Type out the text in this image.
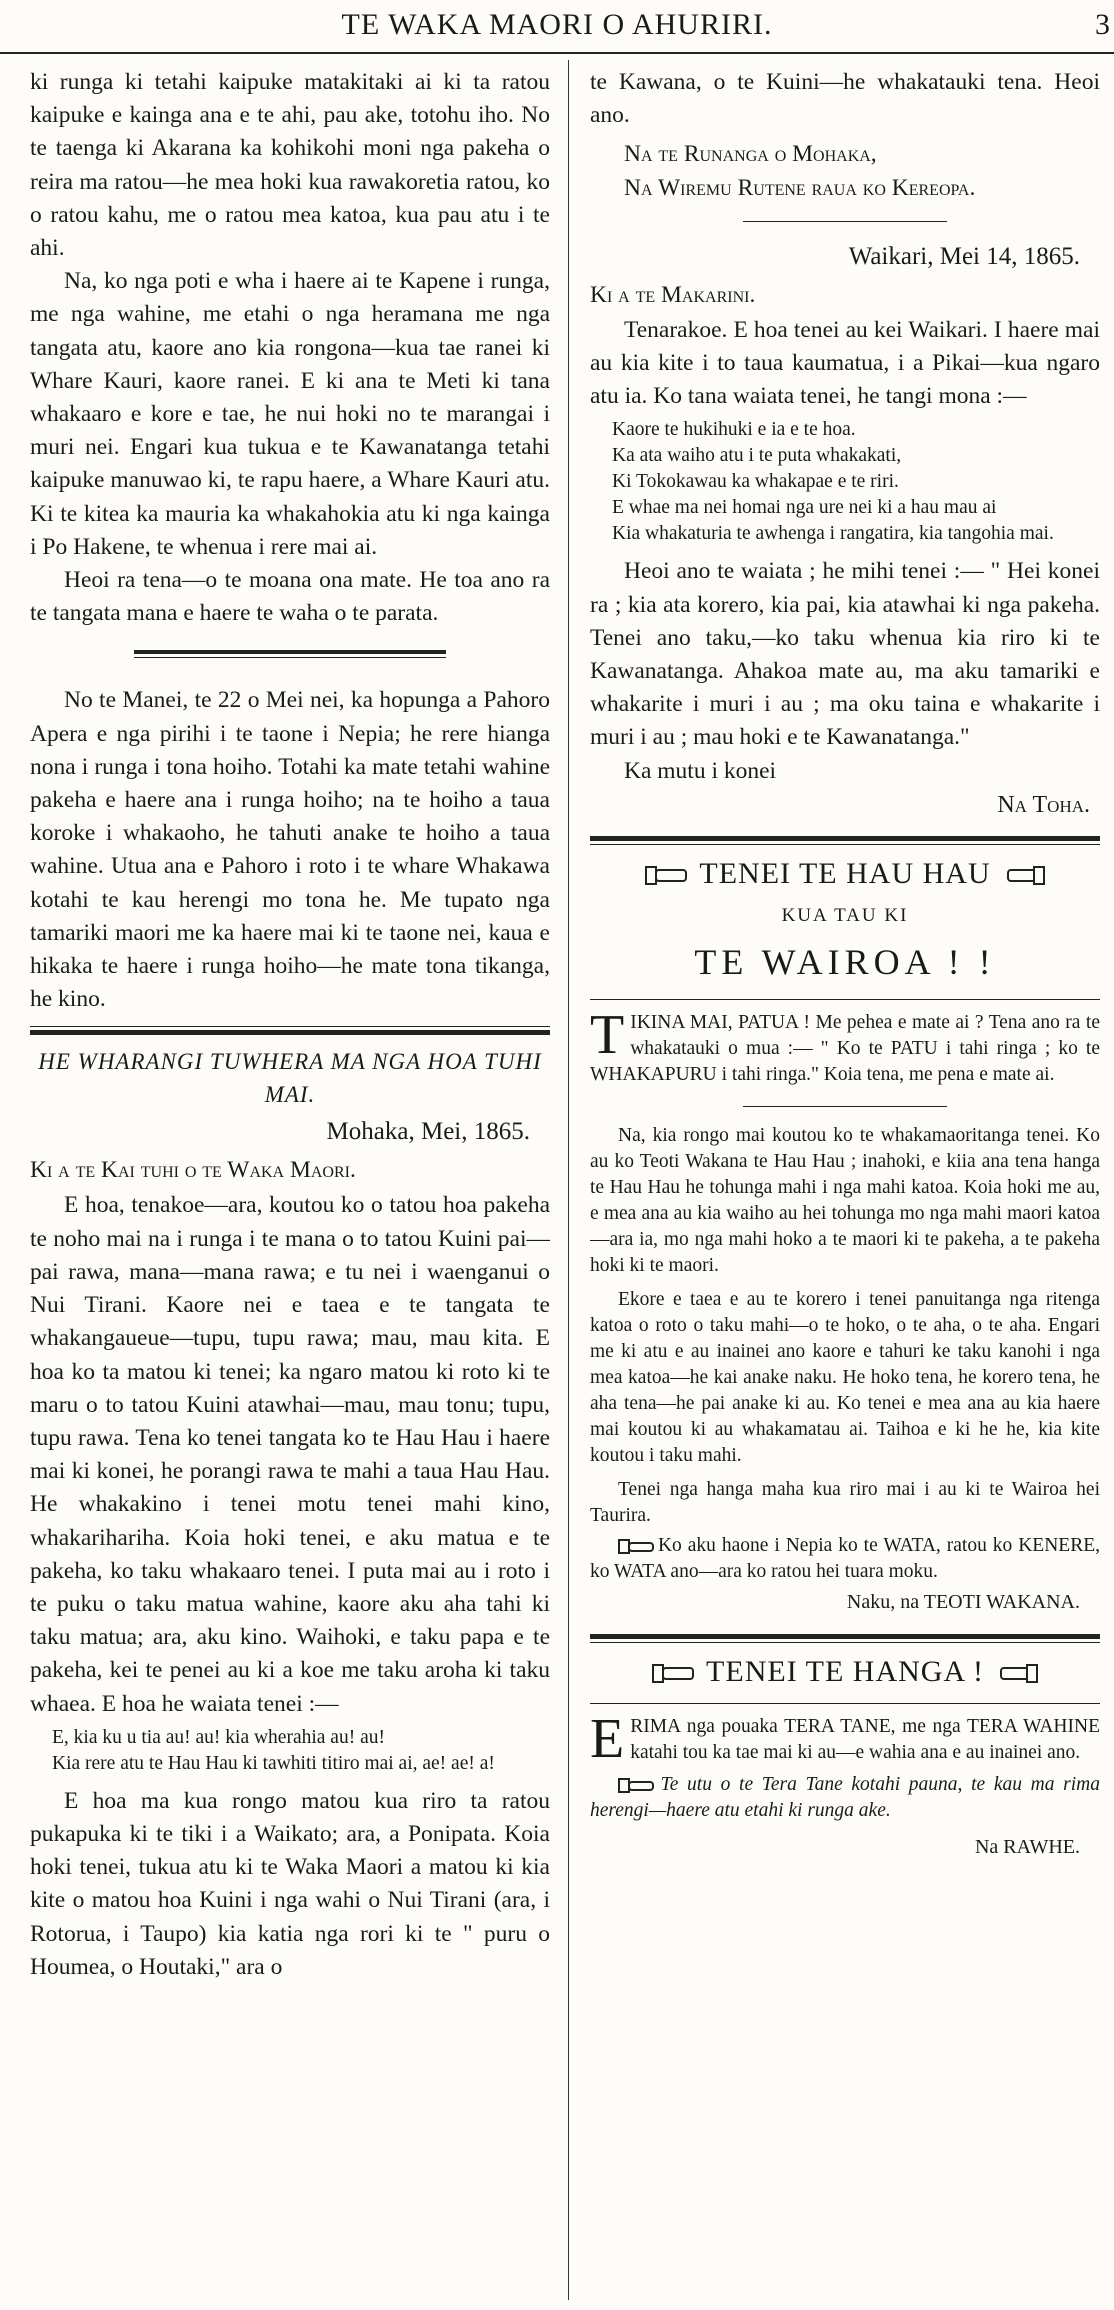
TE WAKA MAORI O AHURIRI.	3

ki runga ki tetahi kaipuke matakitaki ai ki ta ratou kaipuke e kainga ana e te ahi, pau ake, totohu iho. No te taenga ki Akarana ka kohikohi moni nga pakeha o reira ma ratou—he mea hoki kua rawakoretia ratou, ko o ratou kahu, me o ratou mea katoa, kua pau atu i te ahi.

Na, ko nga poti e wha i haere ai te Kapene i runga, me nga wahine, me etahi o nga heramana me nga tangata atu, kaore ano kia rongona—kua tae ranei ki Whare Kauri, kaore ranei. E ki ana te Meti ki tana whakaaro e kore e tae, he nui hoki no te marangai i muri nei. Engari kua tukua e te Kawanatanga tetahi kaipuke manuwao ki, te rapu haere, a Whare Kauri atu. Ki te kitea ka mauria ka whakahokia atu ki nga kainga i Po Hakene, te whenua i rere mai ai.

Heoi ra tena—o te moana ona mate. He toa ano ra te tangata mana e haere te waha o te parata.

No te Manei, te 22 o Mei nei, ka hopunga a Pahoro Apera e nga pirihi i te taone i Nepia; he rere hianga nona i runga i tona hoiho. Totahi ka mate tetahi wahine pakeha e haere ana i runga hoiho; na te hoiho a taua koroke i whakaoho, he tahuti anake te hoiho a taua wahine. Utua ana e Pahoro i roto i te whare Whakawa kotahi te kau herengi mo tona he. Me tupato nga tamariki maori me ka haere mai ki te taone nei, kaua e hikaka te haere i runga hoiho—he mate tona tikanga, he kino.

HE WHARANGI TUWHERA MA NGA HOA TUHI MAI.
Mohaka, Mei, 1865.
Ki a te Kai tuhi o te Waka Maori.

E hoa, tenakoe—ara, koutou ko o tatou hoa pakeha te noho mai na i runga i te mana o to tatou Kuini pai—pai rawa, mana—mana rawa; e tu nei i waenganui o Nui Tirani. Kaore nei e taea e te tangata te whakangaueue—tupu, tupu rawa; mau, mau kita. E hoa ko ta matou ki tenei; ka ngaro matou ki roto ki te maru o to tatou Kuini atawhai—mau, mau tonu; tupu, tupu rawa. Tena ko tenei tangata ko te Hau Hau i haere mai ki konei, he porangi rawa te mahi a taua Hau Hau. He whakakino i tenei motu tenei mahi kino, whakarihariha. Koia hoki tenei, e aku matua e te pakeha, ko taku whakaaro tenei. I puta mai au i roto i te puku o taku matua wahine, kaore aku aha tahi ki taku matua; ara, aku kino. Waihoki, e taku papa e te pakeha, kei te penei au ki a koe me taku aroha ki taku whaea. E hoa he waiata tenei :—

E, kia ku u tia au! au! kia wherahia au! au!
Kia rere atu te Hau Hau ki tawhiti titiro mai ai, ae! ae! a!

E hoa ma kua rongo matou kua riro ta ratou pukapuka ki te tiki i a Waikato; ara, a Ponipata. Koia hoki tenei, tukua atu ki te Waka Maori a matou ki kia kite o matou hoa Kuini i nga wahi o Nui Tirani (ara, i Rotorua, i Taupo) kia katia nga rori ki te " puru o Houmea, o Houtaki," ara o

te Kawana, o te Kuini—he whakatauki tena. Heoi ano.

Na te Runanga o Mohaka,

Na Wiremu Rutene raua ko Kereopa.

Waikari, Mei 14, 1865.
Ki a te Makarini.

Tenarakoe. E hoa tenei au kei Waikari. I haere mai au kia kite i to taua kaumatua, i a Pikai—kua ngaro atu ia. Ko tana waiata tenei, he tangi mona :—

Kaore te hukihuki e ia e te hoa.
Ka ata waiho atu i te puta whakakati,
Ki Tokokawau ka whakapae e te riri.
E whae ma nei homai nga ure nei ki a hau mau ai
Kia whakaturia te awhenga i rangatira, kia tangohia mai.

Heoi ano te waiata ; he mihi tenei :— " Hei konei ra ; kia ata korero, kia pai, kia atawhai ki nga pakeha. Tenei ano taku,—ko taku whenua kia riro ki te Kawanatanga. Ahakoa mate au, ma aku tamariki e whakarite i muri i au ; ma oku taina e whakarite i muri i au ; mau hoki e te Kawanatanga."

Ka mutu i konei

Na Toha.

TENEI TE HAU HAU
KUA TAU KI
TE WAIROA ! !

TIKINA MAI, PATUA ! Me pehea e mate ai ? Tena ano ra te whakatauki o mua :— " Ko te PATU i tahi ringa ; ko te WHAKAPURU i tahi ringa." Koia tena, me pena e mate ai.

Na, kia rongo mai koutou ko te whakamaoritanga tenei. Ko au ko Teoti Wakana te Hau Hau ; inahoki, e kiia ana tena hanga te Hau Hau he tohunga mahi i nga mahi katoa. Koia hoki me au, e mea ana au kia waiho au hei tohunga mo nga mahi maori katoa—ara ia, mo nga mahi hoko a te maori ki te pakeha, a te pakeha hoki ki te maori.

Ekore e taea e au te korero i tenei panuitanga nga ritenga katoa o roto o taku mahi—o te hoko, o te aha, o te aha. Engari me ki atu e au inainei ano kaore e tahuri ke taku kanohi i nga mea katoa—he kai anake naku. He hoko tena, he korero tena, he aha tena—he pai anake ki au. Ko tenei e mea ana au kia haere mai koutou ki au whakamatau ai. Taihoa e ki he he, kia kite koutou i taku mahi.

Tenei nga hanga maha kua riro mai i au ki te Wairoa hei Taurira.

Ko aku haone i Nepia ko te WATA, ratou ko KENERE, ko WATA ano—ara ko ratou hei tuara moku.

Naku, na TEOTI WAKANA.

TENEI TE HANGA !

ERIMA nga pouaka TERA TANE, me nga TERA WAHINE katahi tou ka tae mai ki au—e wahia ana e au inainei ano.

Te utu o te Tera Tane kotahi pauna, te kau ma rima herengi—haere atu etahi ki runga ake.

Na RAWHE.
